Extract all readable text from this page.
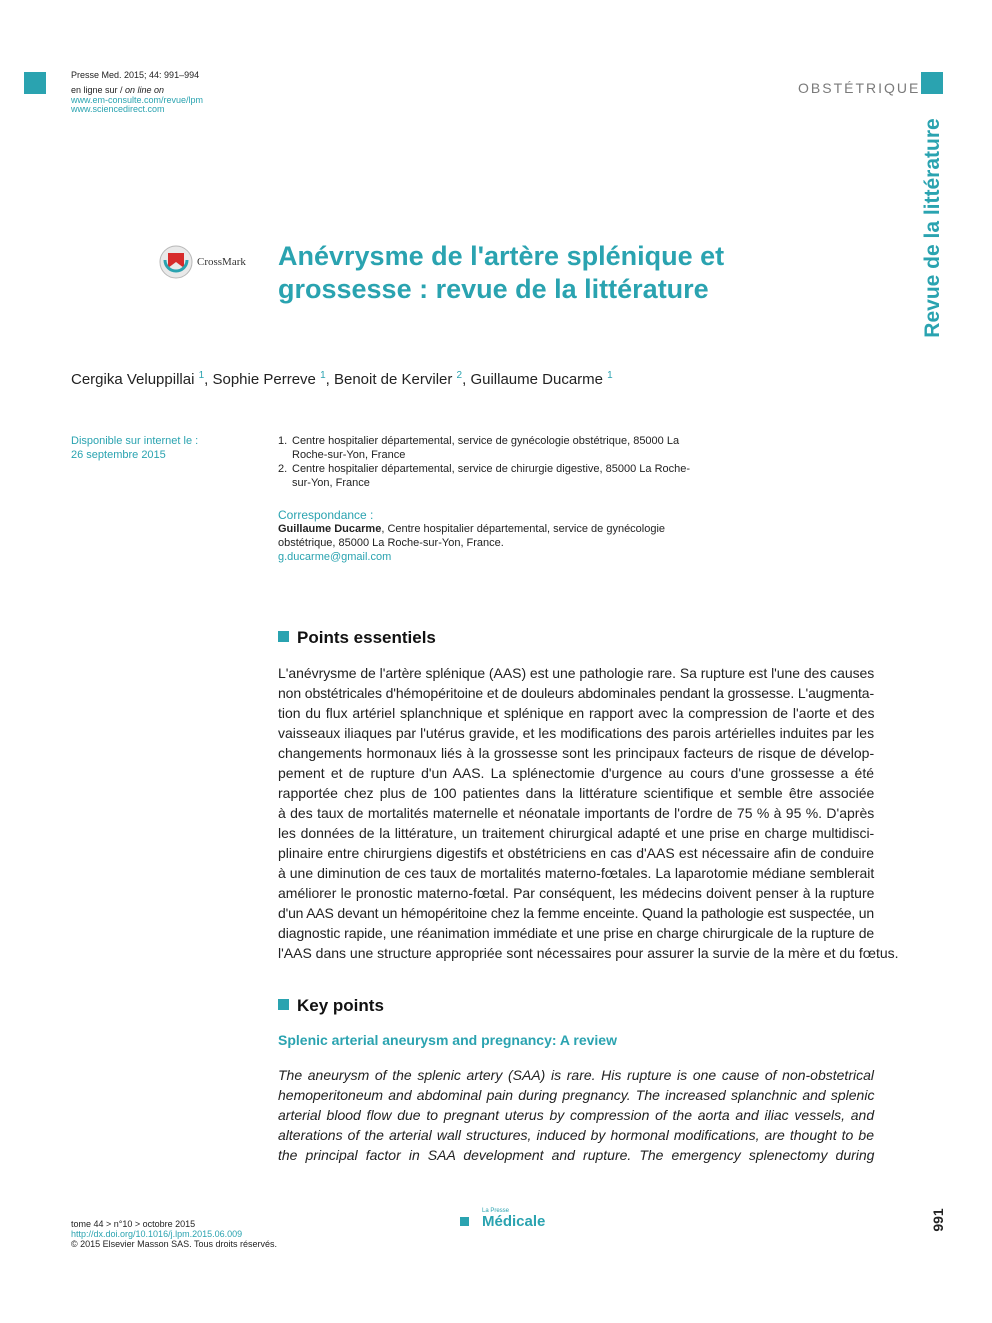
Presse Med. 2015; 44: 991–994
en ligne sur / on line on
www.em-consulte.com/revue/lpm
www.sciencedirect.com
OBSTÉTRIQUE
Revue de la littérature
CrossMark Anévrysme de l'artère splénique et
grossesse : revue de la littérature
Cergika Veluppillai $^1$, Sophie Perreve $^1$, Benoit de Kerviler $^2$, Guillaume Ducarme $^1$
Disponible sur internet le :
26 septembre 2015
1. Centre hospitalier départemental, service de gynécologie obstétrique, 85000 La
Roche-sur-Yon, France
2. Centre hospitalier départemental, service de chirurgie digestive, 85000 La Roche-
sur-Yon, France
Correspondance :
Guillaume Ducarme, Centre hospitalier départemental, service de gynécologie
obstétrique, 85000 La Roche-sur-Yon, France.
g.ducarme@gmail.com
Points essentiels
L'anévrysme de l'artère splénique (AAS) est une pathologie rare. Sa rupture est l'une des causes
non obstétricales d'hémopéritoine et de douleurs abdominales pendant la grossesse. L'augmenta-
tion du flux artériel splanchnique et splénique en rapport avec la compression de l'aorte et des
vaisseaux iliaques par l'utérus gravide, et les modifications des parois artérielles induites par les
changements hormonaux liés à la grossesse sont les principaux facteurs de risque de dévelop-
pement et de rupture d'un AAS. La splénectomie d'urgence au cours d'une grossesse a été
rapportée chez plus de 100 patientes dans la littérature scientifique et semble être associée
à des taux de mortalités maternelle et néonatale importants de l'ordre de 75 % à 95 %. D'après
les données de la littérature, un traitement chirurgical adapté et une prise en charge multidisci-
plinaire entre chirurgiens digestifs et obstétriciens en cas d'AAS est nécessaire afin de conduire
à une diminution de ces taux de mortalités materno-fœtales. La laparotomie médiane semblerait
améliorer le pronostic materno-fœtal. Par conséquent, les médecins doivent penser à la rupture
d'un AAS devant un hémopéritoine chez la femme enceinte. Quand la pathologie est suspectée, un
diagnostic rapide, une réanimation immédiate et une prise en charge chirurgicale de la rupture de
l'AAS dans une structure appropriée sont nécessaires pour assurer la survie de la mère et du fœtus.
Key points
Splenic arterial aneurysm and pregnancy: A review
The aneurysm of the splenic artery (SAA) is rare. His rupture is one cause of non-obstetrical
hemoperitoneum and abdominal pain during pregnancy. The increased splanchnic and splenic
arterial blood flow due to pregnant uterus by compression of the aorta and iliac vessels, and
alterations of the arterial wall structures, induced by hormonal modifications, are thought to be
the principal factor in SAA development and rupture. The emergency splenectomy during
tome 44 > n°10 > octobre 2015
http://dx.doi.org/10.1016/j.lpm.2015.06.009
© 2015 Elsevier Masson SAS. Tous droits réservés.
La Presse
Médicale	991
